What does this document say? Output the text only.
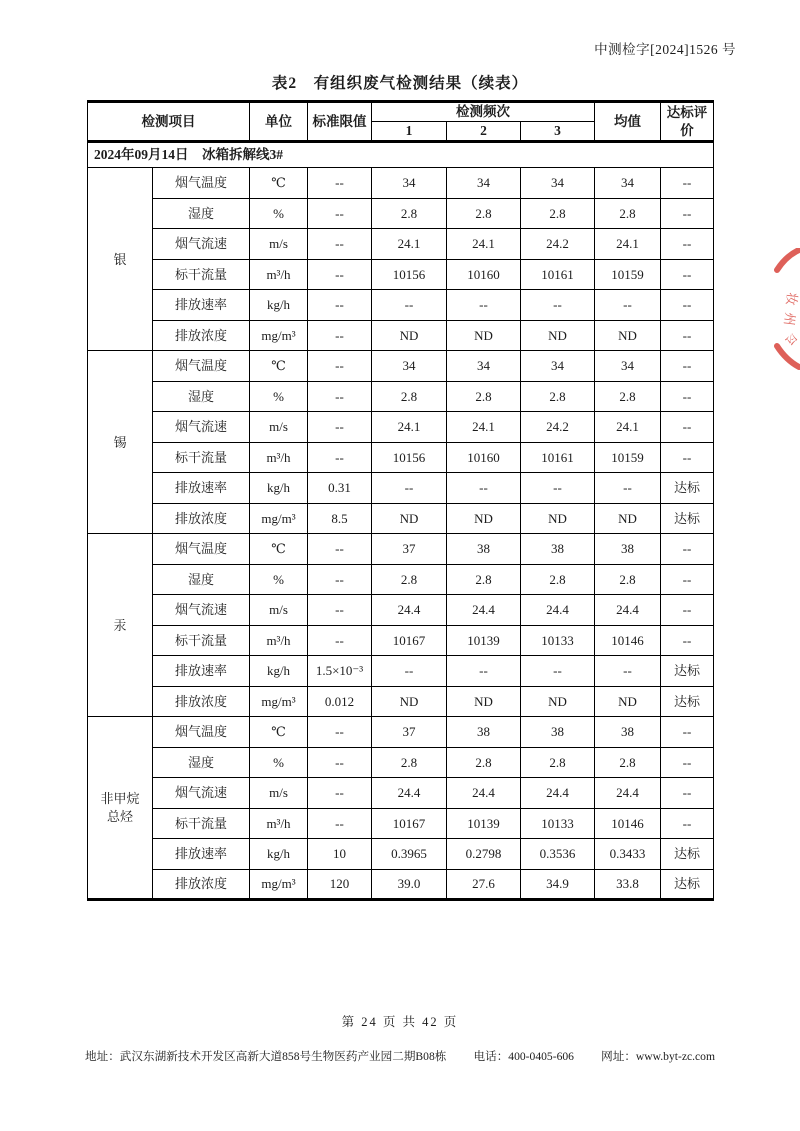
中测检字[2024]1526 号
表2　有组织废气检测结果（续表）
检测项目		单位	标准限值	检测频次			均值	达标评价
				1	2	3		
2024年09月14日　冰箱拆解线3#								
银	烟气温度	℃	--	34	34	34	34	--
	湿度	%	--	2.8	2.8	2.8	2.8	--
	烟气流速	m/s	--	24.1	24.1	24.2	24.1	--
	标干流量	m³/h	--	10156	10160	10161	10159	--
	排放速率	kg/h	--	--	--	--	--	--
	排放浓度	mg/m³	--	ND	ND	ND	ND	--
锡	烟气温度	℃	--	34	34	34	34	--
	湿度	%	--	2.8	2.8	2.8	2.8	--
	烟气流速	m/s	--	24.1	24.1	24.2	24.1	--
	标干流量	m³/h	--	10156	10160	10161	10159	--
	排放速率	kg/h	0.31	--	--	--	--	达标
	排放浓度	mg/m³	8.5	ND	ND	ND	ND	达标
汞	烟气温度	℃	--	37	38	38	38	--
	湿度	%	--	2.8	2.8	2.8	2.8	--
	烟气流速	m/s	--	24.4	24.4	24.4	24.4	--
	标干流量	m³/h	--	10167	10139	10133	10146	--
	排放速率	kg/h	1.5×10⁻³	--	--	--	--	达标
	排放浓度	mg/m³	0.012	ND	ND	ND	ND	达标
非甲烷总烃	烟气温度	℃	--	37	38	38	38	--
	湿度	%	--	2.8	2.8	2.8	2.8	--
	烟气流速	m/s	--	24.4	24.4	24.4	24.4	--
	标干流量	m³/h	--	10167	10139	10133	10146	--
	排放速率	kg/h	10	0.3965	0.2798	0.3536	0.3433	达标
	排放浓度	mg/m³	120	39.0	27.6	34.9	33.8	达标
妆
州
令
第 24 页 共 42 页
地址：武汉东湖新技术开发区高新大道858号生物医药产业园二期B08栋 电话：400-0405-606 网址：www.byt-zc.com
